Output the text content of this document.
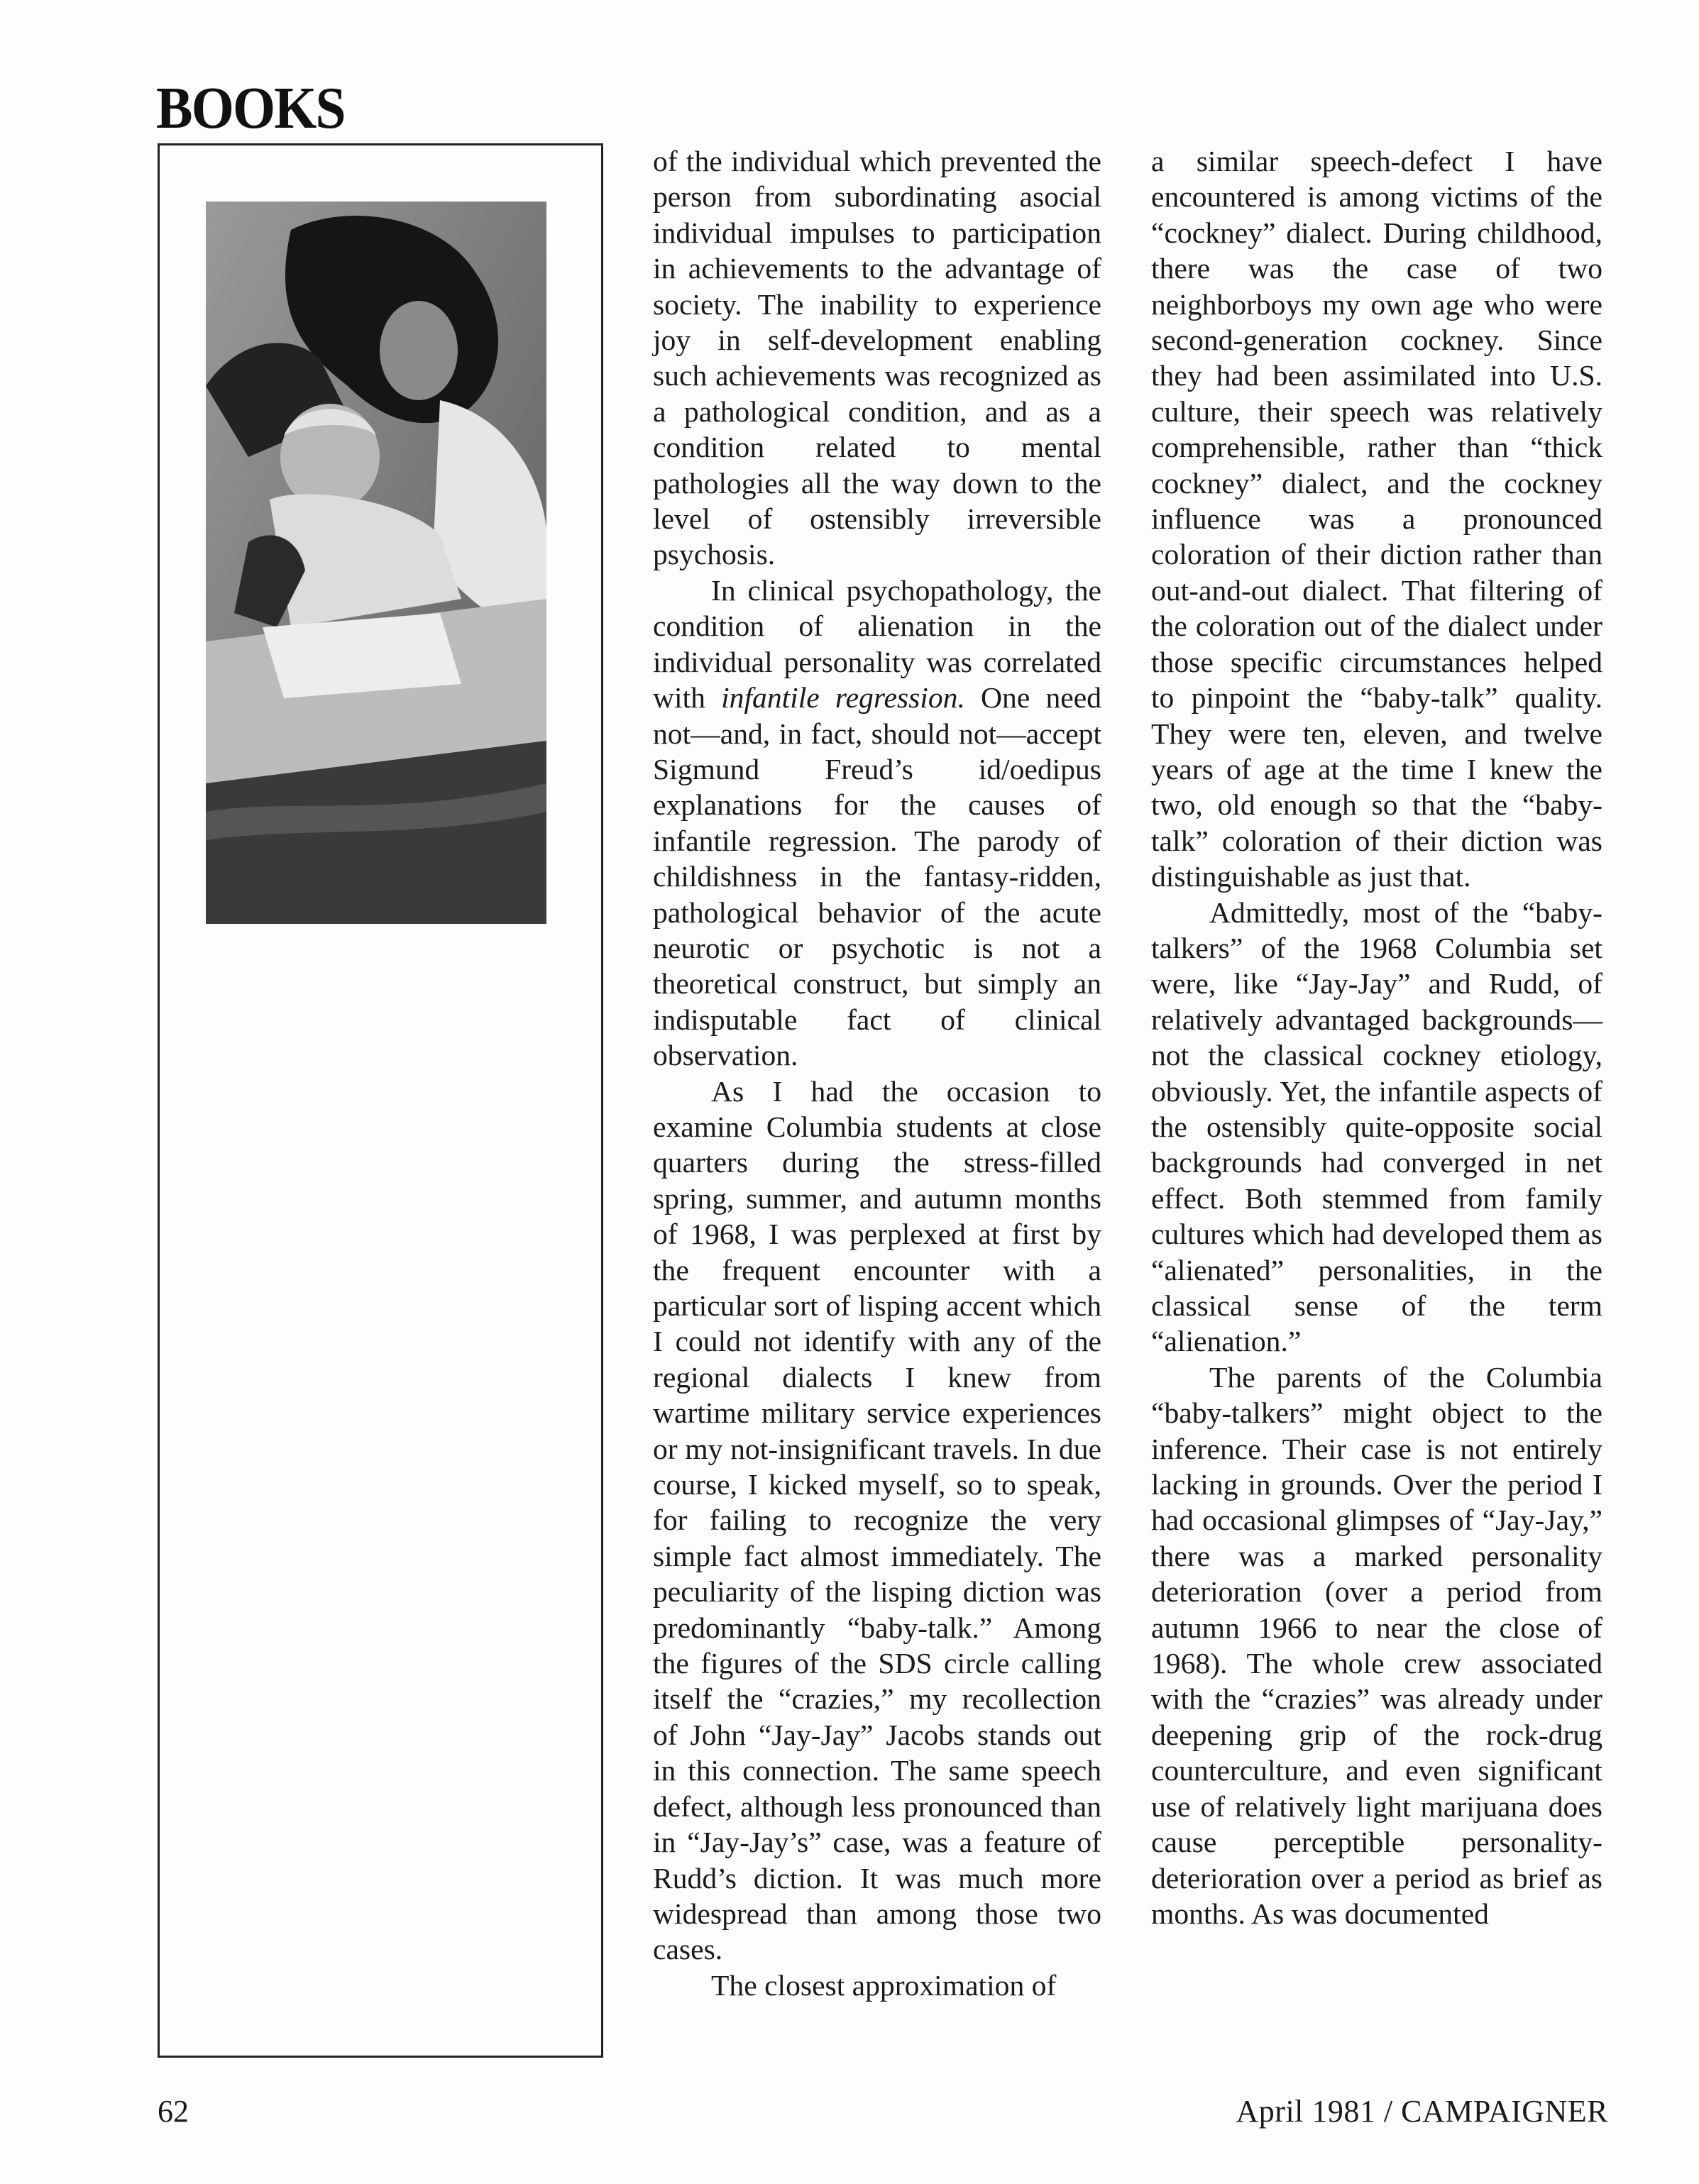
BOOKS

of the individual which prevented the person from subordinating asocial individual impulses to participation in achievements to the advantage of society. The inability to experience joy in self-development enabling such achievements was recognized as a pathological condition, and as a condition related to mental pathologies all the way down to the level of ostensibly irreversible psychosis.

In clinical psychopathology, the condition of alienation in the individual personality was correlated with infantile regression. One need not—and, in fact, should not—accept Sigmund Freud’s id/oedipus explanations for the causes of infantile regression. The parody of childishness in the fantasy-ridden, pathological behavior of the acute neurotic or psychotic is not a theoretical construct, but simply an indisputable fact of clinical observation.

As I had the occasion to examine Columbia students at close quarters during the stress-filled spring, summer, and autumn months of 1968, I was perplexed at first by the frequent encounter with a particular sort of lisping accent which I could not identify with any of the regional dialects I knew from wartime military service experiences or my not-insignificant travels. In due course, I kicked myself, so to speak, for failing to recognize the very simple fact almost immediately. The peculiarity of the lisping diction was predominantly “baby-talk.” Among the figures of the SDS circle calling itself the “crazies,” my recollection of John “Jay-Jay” Jacobs stands out in this connection. The same speech defect, although less pronounced than in “Jay-Jay’s” case, was a feature of Rudd’s diction. It was much more widespread than among those two cases.

The closest approximation of

a similar speech-defect I have encountered is among victims of the “cockney” dialect. During childhood, there was the case of two neighborboys my own age who were second-generation cockney. Since they had been assimilated into U.S. culture, their speech was relatively comprehensible, rather than “thick cockney” dialect, and the cockney influence was a pronounced coloration of their diction rather than out-and-out dialect. That filtering of the coloration out of the dialect under those specific circumstances helped to pinpoint the “baby-talk” quality. They were ten, eleven, and twelve years of age at the time I knew the two, old enough so that the “baby-talk” coloration of their diction was distinguishable as just that.

Admittedly, most of the “baby-talkers” of the 1968 Columbia set were, like “Jay-Jay” and Rudd, of relatively advantaged backgrounds—not the classical cockney etiology, obviously. Yet, the infantile aspects of the ostensibly quite-opposite social backgrounds had converged in net effect. Both stemmed from family cultures which had developed them as “alienated” personalities, in the classical sense of the term “alienation.”

The parents of the Columbia “baby-talkers” might object to the inference. Their case is not entirely lacking in grounds. Over the period I had occasional glimpses of “Jay-Jay,” there was a marked personality deterioration (over a period from autumn 1966 to near the close of 1968). The whole crew associated with the “crazies” was already under deepening grip of the rock-drug counterculture, and even significant use of relatively light marijuana does cause perceptible personality-deterioration over a period as brief as months. As was documented

62	April 1981 / CAMPAIGNER
